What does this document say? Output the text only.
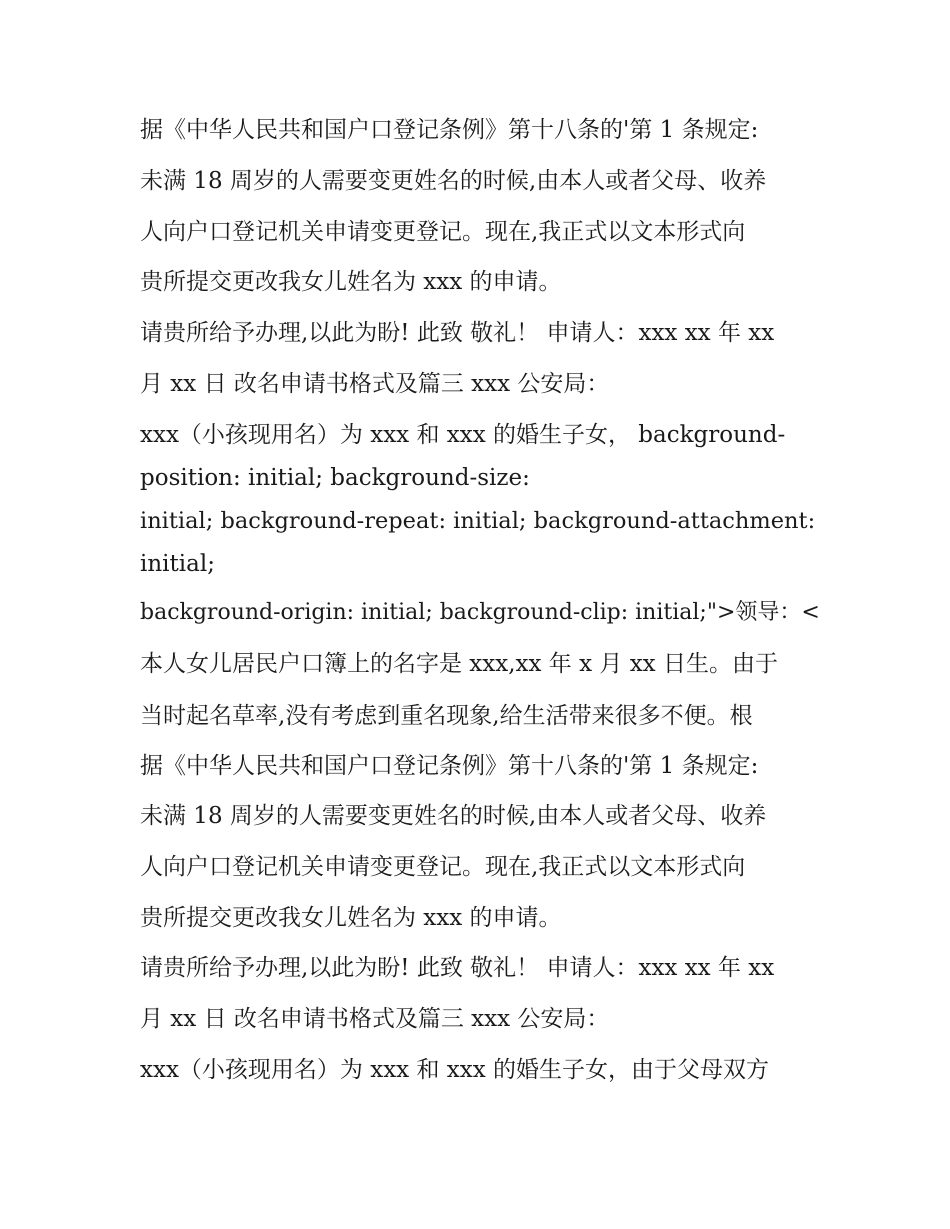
据《中华人民共和国户口登记条例》第十八条的'第 1 条规定:
未满 18 周岁的人需要变更姓名的时候,由本人或者父母、收养
人向户口登记机关申请变更登记。现在,我正式以文本形式向
贵所提交更改我女儿姓名为 xxx 的申请。
请贵所给予办理,以此为盼! 此致 敬礼！ 申请人：xxx xx 年 xx
月 xx 日 改名申请书格式及篇三 xxx 公安局：
xxx（小孩现用名）为 xxx 和 xxx 的婚生子女， background-
position: initial; background-size:
initial; background-repeat: initial; background-attachment:
initial;
background-origin: initial; background-clip: initial;">领导：<
本人女儿居民户口簿上的名字是 xxx,xx 年 x 月 xx 日生。由于
当时起名草率,没有考虑到重名现象,给生活带来很多不便。根
据《中华人民共和国户口登记条例》第十八条的'第 1 条规定:
未满 18 周岁的人需要变更姓名的时候,由本人或者父母、收养
人向户口登记机关申请变更登记。现在,我正式以文本形式向
贵所提交更改我女儿姓名为 xxx 的申请。
请贵所给予办理,以此为盼! 此致 敬礼！ 申请人：xxx xx 年 xx
月 xx 日 改名申请书格式及篇三 xxx 公安局：
xxx（小孩现用名）为 xxx 和 xxx 的婚生子女，由于父母双方
